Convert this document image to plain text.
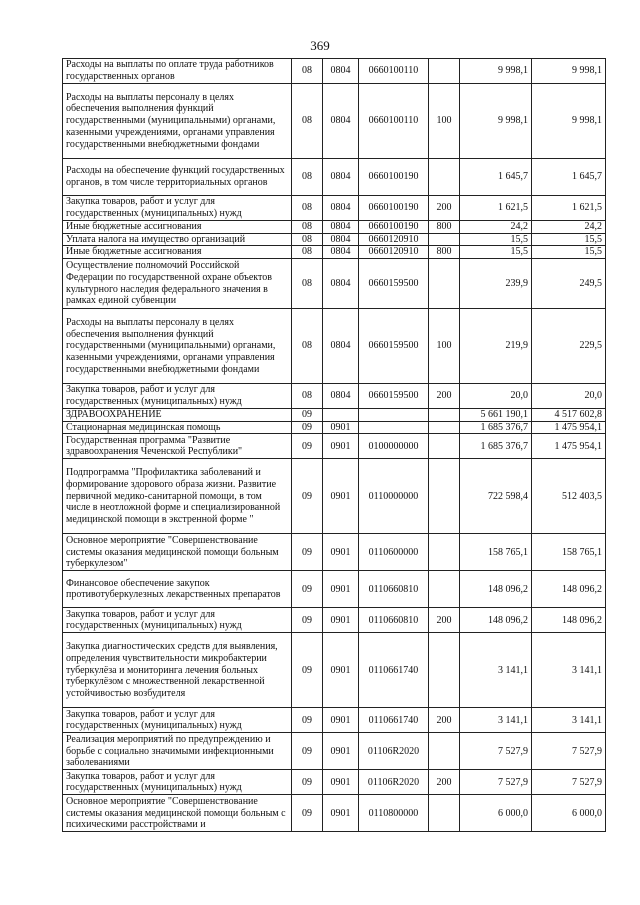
369
Расходы на выплаты по оплате труда работников государственных органов	08	0804	0660100110		9 998,1	9 998,1
Расходы на выплаты персоналу в целях обеспечения выполнения функций государственными (муниципальными) органами, казенными учреждениями, органами управления государственными внебюджетными фондами	08	0804	0660100110	100	9 998,1	9 998,1
Расходы на обеспечение функций государственных органов, в том числе территориальных органов	08	0804	0660100190		1 645,7	1 645,7
Закупка товаров, работ и услуг для государственных (муниципальных) нужд	08	0804	0660100190	200	1 621,5	1 621,5
Иные бюджетные ассигнования	08	0804	0660100190	800	24,2	24,2
Уплата налога на имущество организаций	08	0804	0660120910		15,5	15,5
Иные бюджетные ассигнования	08	0804	0660120910	800	15,5	15,5
Осуществление полномочий Российской Федерации по государственной охране объектов культурного наследия федерального значения в рамках единой субвенции	08	0804	0660159500		239,9	249,5
Расходы на выплаты персоналу в целях обеспечения выполнения функций государственными (муниципальными) органами, казенными учреждениями, органами управления государственными внебюджетными фондами	08	0804	0660159500	100	219,9	229,5
Закупка товаров, работ и услуг для государственных (муниципальных) нужд	08	0804	0660159500	200	20,0	20,0
ЗДРАВООХРАНЕНИЕ	09				5 661 190,1	4 517 602,8
Стационарная медицинская помощь	09	0901			1 685 376,7	1 475 954,1
Государственная программа "Развитие здравоохранения Чеченской Республики"	09	0901	0100000000		1 685 376,7	1 475 954,1
Подпрограмма "Профилактика заболеваний и формирование здорового образа жизни. Развитие первичной медико-санитарной помощи, в том числе в неотложной форме и специализированной медицинской помощи в экстренной форме "	09	0901	0110000000		722 598,4	512 403,5
Основное мероприятие "Совершенствование системы оказания медицинской помощи больным туберкулезом"	09	0901	0110600000		158 765,1	158 765,1
Финансовое обеспечение закупок противотуберкулезных лекарственных препаратов	09	0901	0110660810		148 096,2	148 096,2
Закупка товаров, работ и услуг для государственных (муниципальных) нужд	09	0901	0110660810	200	148 096,2	148 096,2
Закупка диагностических средств для выявления, определения чувствительности микробактерии туберкулёза и мониторинга лечения больных туберкулёзом с множественной лекарственной устойчивостью возбудителя	09	0901	0110661740		3 141,1	3 141,1
Закупка товаров, работ и услуг для государственных (муниципальных) нужд	09	0901	0110661740	200	3 141,1	3 141,1
Реализация мероприятий по предупреждению и борьбе с социально значимыми инфекционными заболеваниями	09	0901	01106R2020		7 527,9	7 527,9
Закупка товаров, работ и услуг для государственных (муниципальных) нужд	09	0901	01106R2020	200	7 527,9	7 527,9
Основное мероприятие "Совершенствование системы оказания медицинской помощи больным с психическими расстройствами и	09	0901	0110800000		6 000,0	6 000,0
